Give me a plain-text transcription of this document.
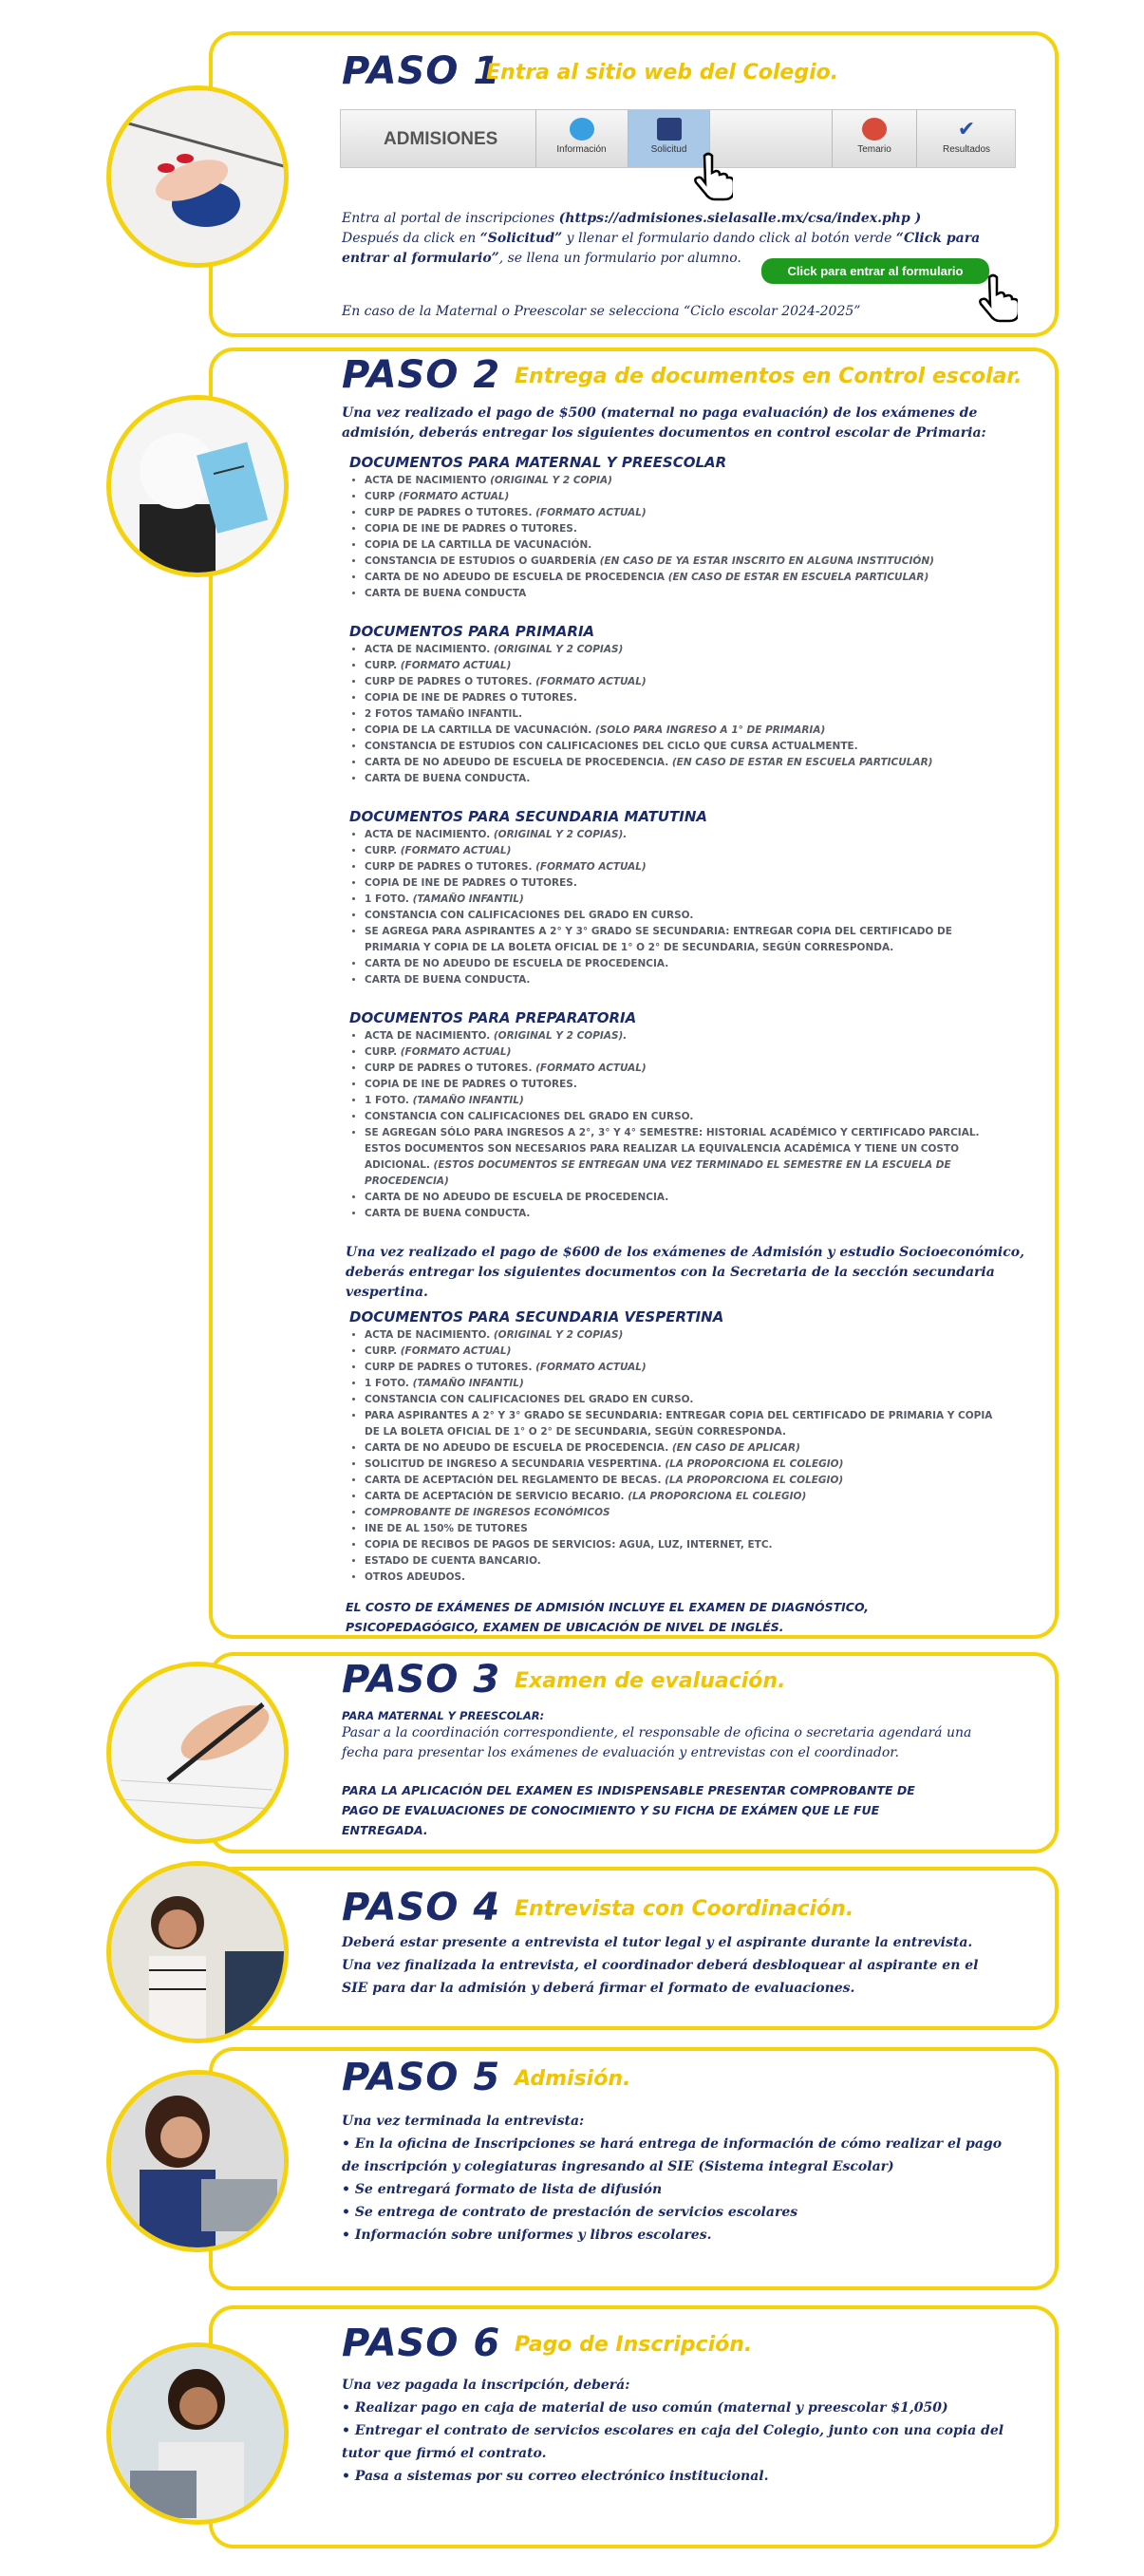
PASO 1
Entra al sitio web del Colegio.
ADMISIONES
Información	Solicitud	Temario
✔
Resultados
Entra al portal de inscripciones (https://admisiones.sielasalle.mx/csa/index.php )
Después da click en “Solicitud” y llenar el formulario dando click al botón verde “Click para
entrar al formulario”, se llena un formulario por alumno.
Click para entrar al formulario
En caso de la Maternal o Preescolar se selecciona “Ciclo escolar 2024-2025”
PASO 2 Entrega de documentos en Control escolar.
Una vez realizado el pago de $500 (maternal no paga evaluación) de los exámenes de admisión, deberás entregar los siguientes documentos en control escolar de Primaria:
DOCUMENTOS PARA MATERNAL Y PREESCOLAR
• ACTA DE NACIMIENTO (ORIGINAL Y 2 COPIA)
• CURP (FORMATO ACTUAL)
• CURP DE PADRES O TUTORES. (FORMATO ACTUAL)
• COPIA DE INE DE PADRES O TUTORES.
• COPIA DE LA CARTILLA DE VACUNACIÓN.
• CONSTANCIA DE ESTUDIOS O GUARDERÍA (EN CASO DE YA ESTAR INSCRITO EN ALGUNA INSTITUCIÓN)
• CARTA DE NO ADEUDO DE ESCUELA DE PROCEDENCIA (EN CASO DE ESTAR EN ESCUELA PARTICULAR)
• CARTA DE BUENA CONDUCTA
DOCUMENTOS PARA PRIMARIA
• ACTA DE NACIMIENTO. (ORIGINAL Y 2 COPIAS)
• CURP. (FORMATO ACTUAL)
• CURP DE PADRES O TUTORES. (FORMATO ACTUAL)
• COPIA DE INE DE PADRES O TUTORES.
• 2 FOTOS TAMAÑO INFANTIL.
• COPIA DE LA CARTILLA DE VACUNACIÓN. (SOLO PARA INGRESO A 1° DE PRIMARIA)
• CONSTANCIA DE ESTUDIOS CON CALIFICACIONES DEL CICLO QUE CURSA ACTUALMENTE.
• CARTA DE NO ADEUDO DE ESCUELA DE PROCEDENCIA. (EN CASO DE ESTAR EN ESCUELA PARTICULAR)
• CARTA DE BUENA CONDUCTA.
DOCUMENTOS PARA SECUNDARIA MATUTINA
• ACTA DE NACIMIENTO. (ORIGINAL Y 2 COPIAS).
• CURP. (FORMATO ACTUAL)
• CURP DE PADRES O TUTORES. (FORMATO ACTUAL)
• COPIA DE INE DE PADRES O TUTORES.
• 1 FOTO. (TAMAÑO INFANTIL)
• CONSTANCIA CON CALIFICACIONES DEL GRADO EN CURSO.
• SE AGREGA PARA ASPIRANTES A 2° Y 3° GRADO SE SECUNDARIA: ENTREGAR COPIA DEL CERTIFICADO DE PRIMARIA Y COPIA DE LA BOLETA OFICIAL DE 1° O 2° DE SECUNDARIA, SEGÚN CORRESPONDA.
• CARTA DE NO ADEUDO DE ESCUELA DE PROCEDENCIA.
• CARTA DE BUENA CONDUCTA.
DOCUMENTOS PARA PREPARATORIA
• ACTA DE NACIMIENTO. (ORIGINAL Y 2 COPIAS).
• CURP. (FORMATO ACTUAL)
• CURP DE PADRES O TUTORES. (FORMATO ACTUAL)
• COPIA DE INE DE PADRES O TUTORES.
• 1 FOTO. (TAMAÑO INFANTIL)
• CONSTANCIA CON CALIFICACIONES DEL GRADO EN CURSO.
• SE AGREGAN SÓLO PARA INGRESOS A 2°, 3° Y 4° SEMESTRE: HISTORIAL ACADÉMICO Y CERTIFICADO PARCIAL. ESTOS DOCUMENTOS SON NECESARIOS PARA REALIZAR LA EQUIVALENCIA ACADÉMICA Y TIENE UN COSTO ADICIONAL. (ESTOS DOCUMENTOS SE ENTREGAN UNA VEZ TERMINADO EL SEMESTRE EN LA ESCUELA DE PROCEDENCIA)
• CARTA DE NO ADEUDO DE ESCUELA DE PROCEDENCIA.
• CARTA DE BUENA CONDUCTA.
Una vez realizado el pago de $600 de los exámenes de Admisión y estudio Socioeconómico, deberás entregar los siguientes documentos con la Secretaria de la sección secundaria vespertina.
DOCUMENTOS PARA SECUNDARIA VESPERTINA
• ACTA DE NACIMIENTO. (ORIGINAL Y 2 COPIAS)
• CURP. (FORMATO ACTUAL)
• CURP DE PADRES O TUTORES. (FORMATO ACTUAL)
• 1 FOTO. (TAMAÑO INFANTIL)
• CONSTANCIA CON CALIFICACIONES DEL GRADO EN CURSO.
• PARA ASPIRANTES A 2° Y 3° GRADO SE SECUNDARIA: ENTREGAR COPIA DEL CERTIFICADO DE PRIMARIA Y COPIA DE LA BOLETA OFICIAL DE 1° O 2° DE SECUNDARIA, SEGÚN CORRESPONDA.
• CARTA DE NO ADEUDO DE ESCUELA DE PROCEDENCIA. (EN CASO DE APLICAR)
• SOLICITUD DE INGRESO A SECUNDARIA VESPERTINA. (LA PROPORCIONA EL COLEGIO)
• CARTA DE ACEPTACIÓN DEL REGLAMENTO DE BECAS. (LA PROPORCIONA EL COLEGIO)
• CARTA DE ACEPTACIÓN DE SERVICIO BECARIO. (LA PROPORCIONA EL COLEGIO)
• COMPROBANTE DE INGRESOS ECONÓMICOS
• INE DE AL 150% DE TUTORES
• COPIA DE RECIBOS DE PAGOS DE SERVICIOS: AGUA, LUZ, INTERNET, ETC.
• ESTADO DE CUENTA BANCARIO.
• OTROS ADEUDOS.
EL COSTO DE EXÁMENES DE ADMISIÓN INCLUYE EL EXAMEN DE DIAGNÓSTICO, PSICOPEDAGÓGICO, EXAMEN DE UBICACIÓN DE NIVEL DE INGLÉS.
PASO 3 Examen de evaluación.
PARA MATERNAL Y PREESCOLAR:
Pasar a la coordinación correspondiente, el responsable de oficina o secretaria agendará una fecha para presentar los exámenes de evaluación y entrevistas con el coordinador.
PARA LA APLICACIÓN DEL EXAMEN ES INDISPENSABLE PRESENTAR COMPROBANTE DE PAGO DE EVALUACIONES DE CONOCIMIENTO Y SU FICHA DE EXÁMEN QUE LE FUE ENTREGADA.
PASO 4 Entrevista con Coordinación.
Deberá estar presente a entrevista el tutor legal y el aspirante durante la entrevista. Una vez finalizada la entrevista, el coordinador deberá desbloquear al aspirante en el SIE para dar la admisión y deberá firmar el formato de evaluaciones.
PASO 5 Admisión.
Una vez terminada la entrevista:
• En la oficina de Inscripciones se hará entrega de información de cómo realizar el pago de inscripción y colegiaturas ingresando al SIE (Sistema integral Escolar)
• Se entregará formato de lista de difusión
• Se entrega de contrato de prestación de servicios escolares
• Información sobre uniformes y libros escolares.
PASO 6 Pago de Inscripción.
Una vez pagada la inscripción, deberá:
• Realizar pago en caja de material de uso común (maternal y preescolar $1,050)
• Entregar el contrato de servicios escolares en caja del Colegio, junto con una copia del tutor que firmó el contrato.
• Pasa a sistemas por su correo electrónico institucional.
